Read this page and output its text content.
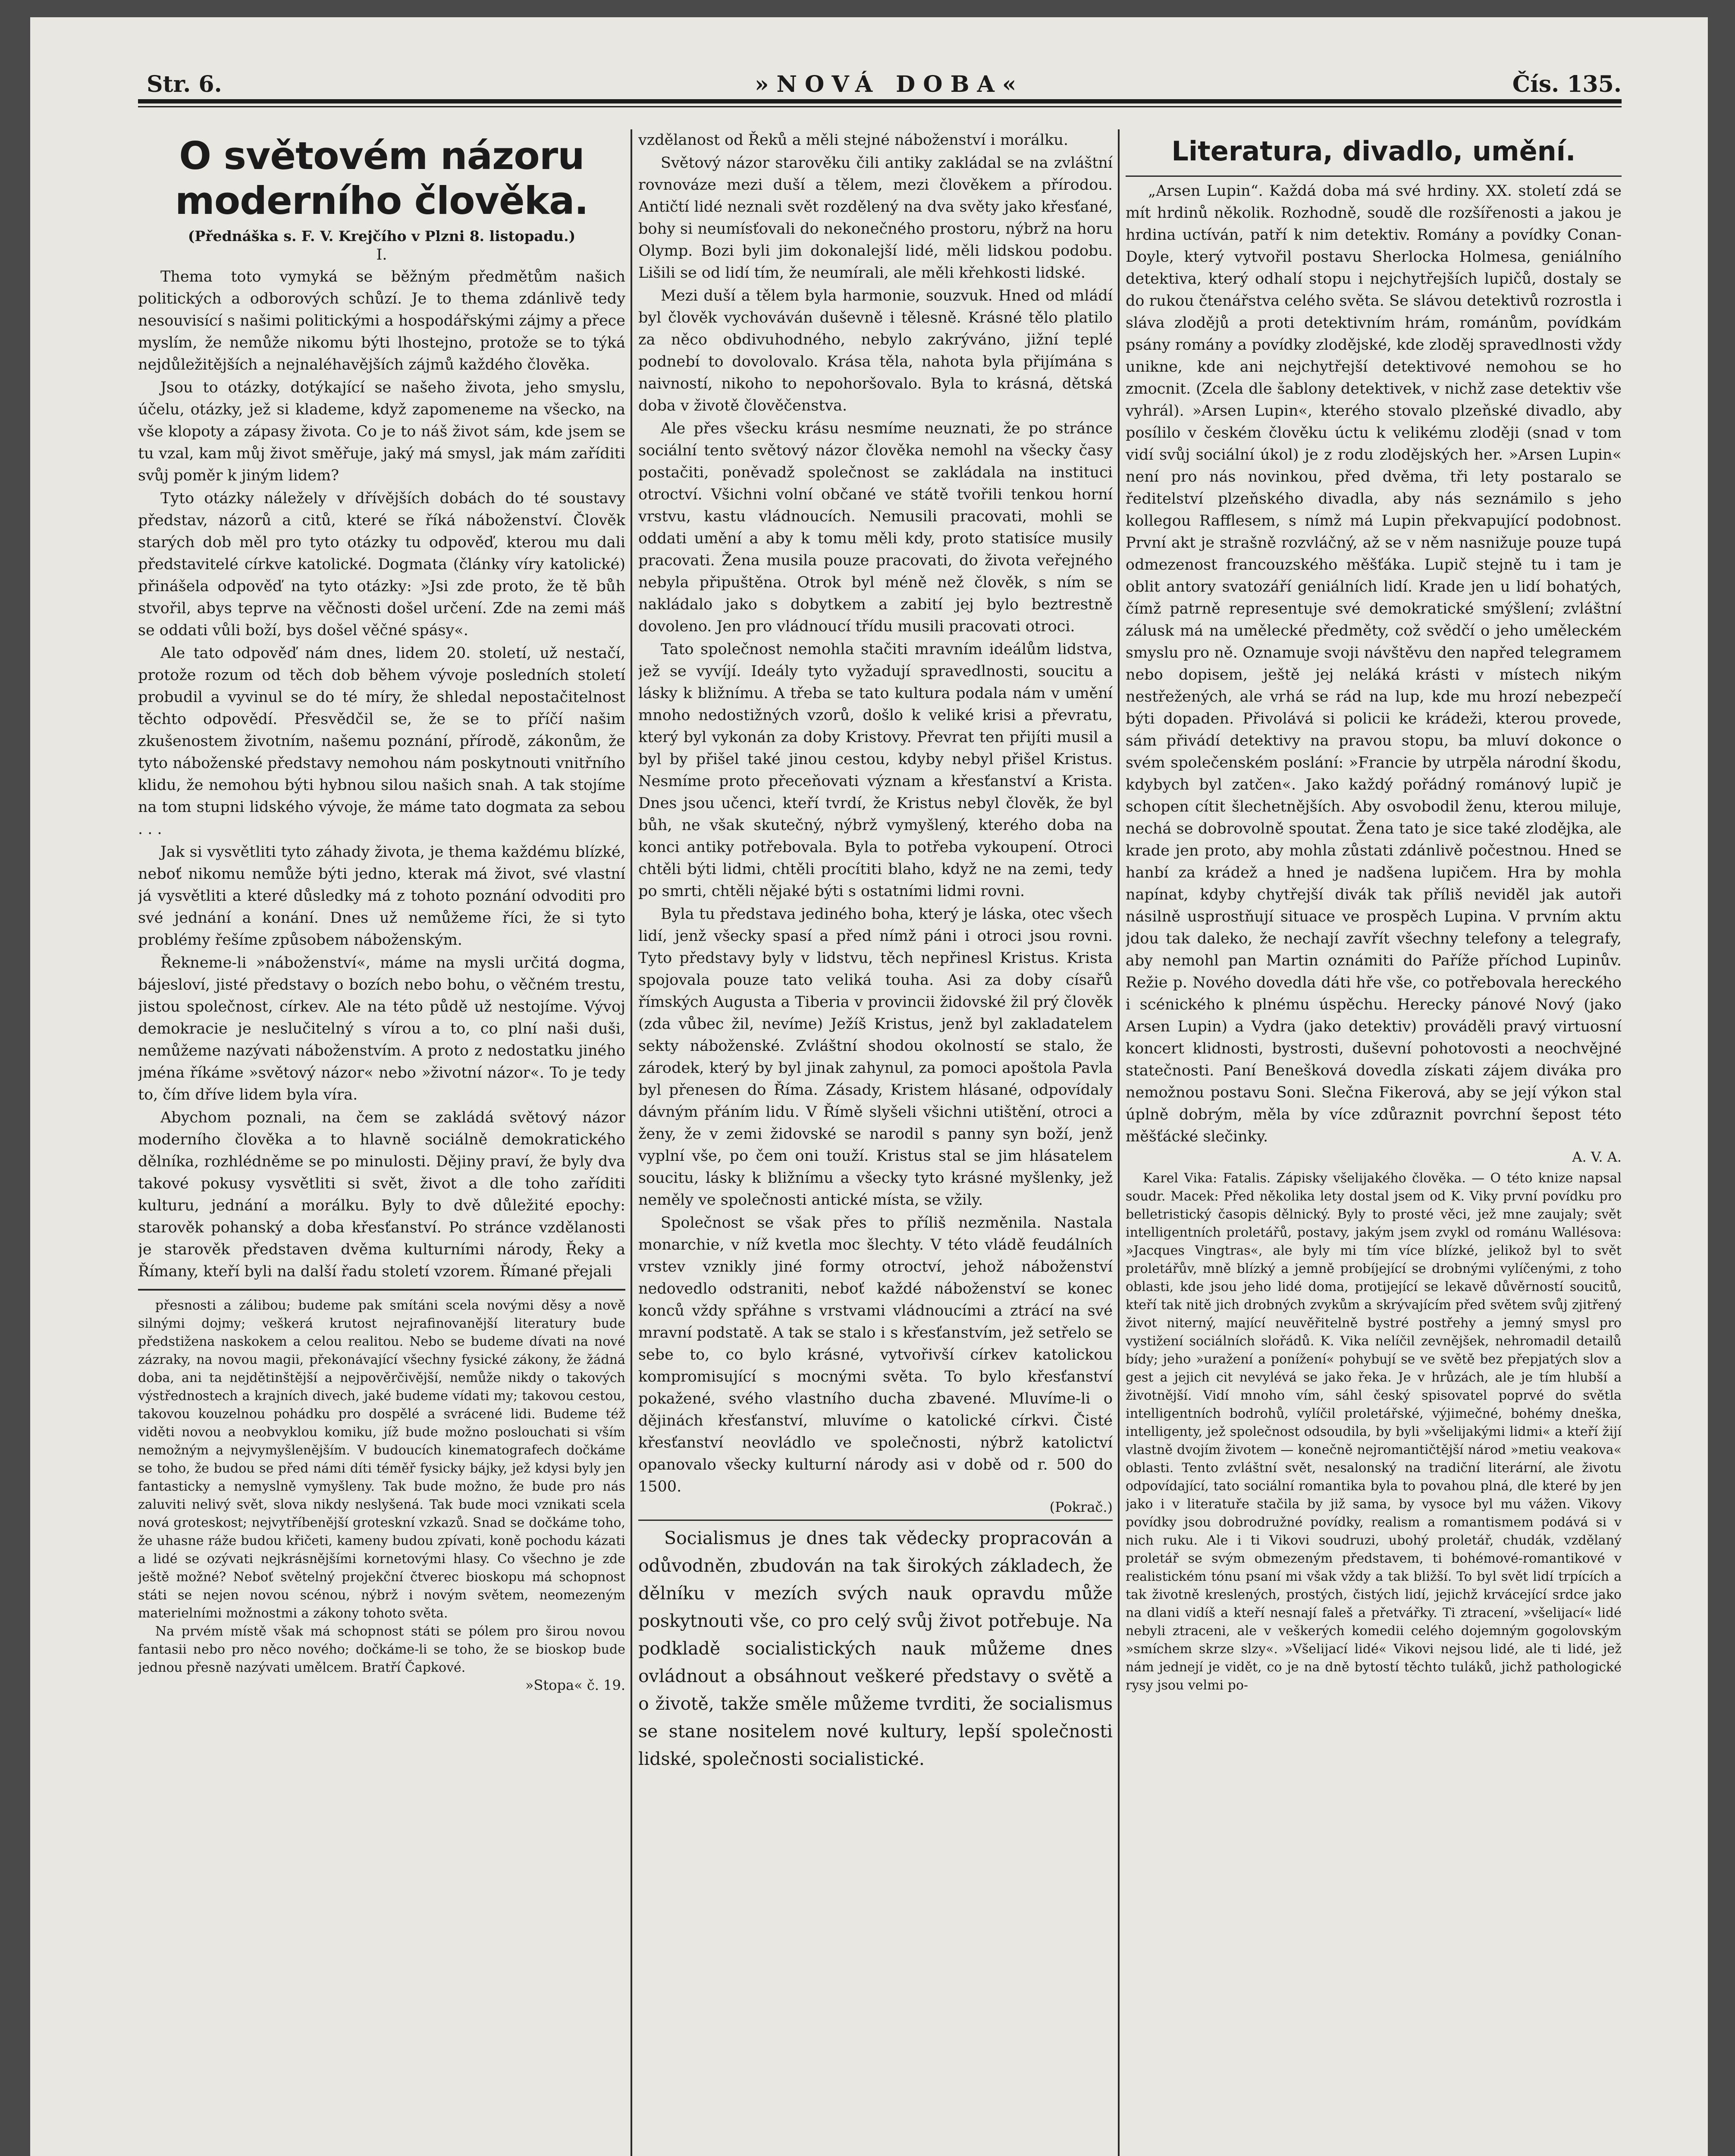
Str. 6.	»NOVÁ DOBA«	Čís. 135.
O světovém názoru moderního člověka.
(Přednáška s. F. V. Krejčího v Plzni 8. listopadu.)
I.

Thema toto vymyká se běžným předmětům našich politických a odborových schůzí. Je to thema zdánlivě tedy nesouvisící s našimi politickými a hospodářskými zájmy a přece myslím, že nemůže nikomu býti lhostejno, protože se to týká nejdůležitějších a nejnaléhavějších zájmů každého člověka.

Jsou to otázky, dotýkající se našeho života, jeho smyslu, účelu, otázky, jež si klademe, když zapomeneme na všecko, na vše klopoty a zápasy života. Co je to náš život sám, kde jsem se tu vzal, kam můj život směřuje, jaký má smysl, jak mám zaříditi svůj poměr k jiným lidem?

Tyto otázky náležely v dřívějších dobách do té soustavy představ, názorů a citů, které se říká náboženství. Člověk starých dob měl pro tyto otázky tu odpověď, kterou mu dali představitelé církve katolické. Dogmata (články víry katolické) přinášela odpověď na tyto otázky: »Jsi zde proto, že tě bůh stvořil, abys teprve na věčnosti došel určení. Zde na zemi máš se oddati vůli boží, bys došel věčné spásy«.

Ale tato odpověď nám dnes, lidem 20. století, už nestačí, protože rozum od těch dob během vývoje posledních století probudil a vyvinul se do té míry, že shledal nepostačitelnost těchto odpovědí. Přesvědčil se, že se to příčí našim zkušenostem životním, našemu poznání, přírodě, zákonům, že tyto náboženské představy nemohou nám poskytnouti vnitřního klidu, že nemohou býti hybnou silou našich snah. A tak stojíme na tom stupni lidského vývoje, že máme tato dogmata za sebou . . .

Jak si vysvětliti tyto záhady života, je thema každému blízké, neboť nikomu nemůže býti jedno, kterak má život, své vlastní já vysvětliti a které důsledky má z tohoto poznání odvoditi pro své jednání a konání. Dnes už nemůžeme říci, že si tyto problémy řešíme způsobem náboženským.

Řekneme-li »náboženství«, máme na mysli určitá dogma, bájesloví, jisté představy o bozích nebo bohu, o věčném trestu, jistou společnost, církev. Ale na této půdě už nestojíme. Vývoj demokracie je neslučitelný s vírou a to, co plní naši duši, nemůžeme nazývati náboženstvím. A proto z nedostatku jiného jména říkáme »světový názor« nebo »životní názor«. To je tedy to, čím dříve lidem byla víra.

Abychom poznali, na čem se zakládá světový názor moderního člověka a to hlavně sociálně demokratického dělníka, rozhlédněme se po minulosti. Dějiny praví, že byly dva takové pokusy vysvětliti si svět, život a dle toho zaříditi kulturu, jednání a morálku. Byly to dvě důležité epochy: starověk pohanský a doba křesťanství. Po stránce vzdělanosti je starověk představen dvěma kulturními národy, Řeky a Římany, kteří byli na další řadu století vzorem. Římané přejali

přesnosti a zálibou; budeme pak smítáni scela novými děsy a nově silnými dojmy; veškerá krutost nejrafinovanější literatury bude předstižena naskokem a celou realitou. Nebo se budeme dívati na nové zázraky, na novou magii, překonávající všechny fysické zákony, že žádná doba, ani ta nejdětinštější a nejpověrčivější, nemůže nikdy o takových výstřednostech a krajních divech, jaké budeme vídati my; takovou cestou, takovou kouzelnou pohádku pro dospělé a svrácené lidi. Budeme též viděti novou a neobvyklou komiku, jíž bude možno poslouchati si vším nemožným a nejvymyšlenějším. V budoucích kinematografech dočkáme se toho, že budou se před námi díti téměř fysicky bájky, jež kdysi byly jen fantasticky a nemyslně vymyšleny. Tak bude možno, že bude pro nás zaluviti nelivý svět, slova nikdy neslyšená. Tak bude moci vznikati scela nová groteskost; nejvytříbenější groteskní vzkazů. Snad se dočkáme toho, že uhasne ráže budou křičeti, kameny budou zpívati, koně pochodu kázati a lidé se ozývati nejkrásnějšími kornetovými hlasy. Co všechno je zde ještě možné? Neboť světelný projekční čtverec bioskopu má schopnost státi se nejen novou scénou, nýbrž i novým světem, neomezeným materielními možnostmi a zákony tohoto světa.

Na prvém místě však má schopnost státi se pólem pro širou novou fantasii nebo pro něco nového; dočkáme-li se toho, že se bioskop bude jednou přesně nazývati umělcem. Bratří Čapkové.

»Stopa« č. 19.

vzdělanost od Řeků a měli stejné náboženství i morálku.

Světový názor starověku čili antiky zakládal se na zvláštní rovnováze mezi duší a tělem, mezi člověkem a přírodou. Antičtí lidé neznali svět rozdělený na dva světy jako křesťané, bohy si neumísťovali do nekonečného prostoru, nýbrž na horu Olymp. Bozi byli jim dokonalejší lidé, měli lidskou podobu. Lišili se od lidí tím, že neumírali, ale měli křehkosti lidské.

Mezi duší a tělem byla harmonie, souzvuk. Hned od mládí byl člověk vychováván duševně i tělesně. Krásné tělo platilo za něco obdivuhodného, nebylo zakrýváno, jižní teplé podnebí to dovolovalo. Krása těla, nahota byla přijímána s naivností, nikoho to nepohoršovalo. Byla to krásná, dětská doba v životě člověčenstva.

Ale přes všecku krásu nesmíme neuznati, že po stránce sociální tento světový názor člověka nemohl na všecky časy postačiti, poněvadž společnost se zakládala na instituci otroctví. Všichni volní občané ve státě tvořili tenkou horní vrstvu, kastu vládnoucích. Nemusili pracovati, mohli se oddati umění a aby k tomu měli kdy, proto statisíce musily pracovati. Žena musila pouze pracovati, do života veřejného nebyla připuštěna. Otrok byl méně než člověk, s ním se nakládalo jako s dobytkem a zabití jej bylo beztrestně dovoleno. Jen pro vládnoucí třídu musili pracovati otroci.

Tato společnost nemohla stačiti mravním ideálům lidstva, jež se vyvíjí. Ideály tyto vyžadují spravedlnosti, soucitu a lásky k bližnímu. A třeba se tato kultura podala nám v umění mnoho nedostižných vzorů, došlo k veliké krisi a převratu, který byl vykonán za doby Kristovy. Převrat ten přijíti musil a byl by přišel také jinou cestou, kdyby nebyl přišel Kristus. Nesmíme proto přeceňovati význam a křesťanství a Krista. Dnes jsou učenci, kteří tvrdí, že Kristus nebyl člověk, že byl bůh, ne však skutečný, nýbrž vymyšlený, kterého doba na konci antiky potřebovala. Byla to potřeba vykoupení. Otroci chtěli býti lidmi, chtěli procítiti blaho, když ne na zemi, tedy po smrti, chtěli nějaké býti s ostatními lidmi rovni.

Byla tu představa jediného boha, který je láska, otec všech lidí, jenž všecky spasí a před nímž páni i otroci jsou rovni. Tyto představy byly v lidstvu, těch nepřinesl Kristus. Krista spojovala pouze tato veliká touha. Asi za doby císařů římských Augusta a Tiberia v provincii židovské žil prý člověk (zda vůbec žil, nevíme) Ježíš Kristus, jenž byl zakladatelem sekty náboženské. Zvláštní shodou okolností se stalo, že zárodek, který by byl jinak zahynul, za pomoci apoštola Pavla byl přenesen do Říma. Zásady, Kristem hlásané, odpovídaly dávným přáním lidu. V Římě slyšeli všichni utištění, otroci a ženy, že v zemi židovské se narodil s panny syn boží, jenž vyplní vše, po čem oni touží. Kristus stal se jim hlásatelem soucitu, lásky k bližnímu a všecky tyto krásné myšlenky, jež neměly ve společnosti antické místa, se vžily.

Společnost se však přes to příliš nezměnila. Nastala monarchie, v níž kvetla moc šlechty. V této vládě feudálních vrstev vznikly jiné formy otroctví, jehož náboženství nedovedlo odstraniti, neboť každé náboženství se konec konců vždy spřáhne s vrstvami vládnoucími a ztrácí na své mravní podstatě. A tak se stalo i s křesťanstvím, jež setřelo se sebe to, co bylo krásné, vytvořivší církev katolickou kompromisující s mocnými světa. To bylo křesťanství pokažené, svého vlastního ducha zbavené. Mluvíme-li o dějinách křesťanství, mluvíme o katolické církvi. Čisté křesťanství neovládlo ve společnosti, nýbrž katolictví opanovalo všecky kulturní národy asi v době od r. 500 do 1500.

(Pokrač.)

Socialismus je dnes tak vědecky propracován a odůvodněn, zbudován na tak širokých základech, že dělníku v mezích svých nauk opravdu může poskytnouti vše, co pro celý svůj život potřebuje. Na podkladě socialistických nauk můžeme dnes ovládnout a obsáhnout veškeré představy o světě a o životě, takže směle můžeme tvrditi, že socialismus se stane nositelem nové kultury, lepší společnosti lidské, společnosti socialistické.

Literatura, divadlo, umění.

„Arsen Lupin“. Každá doba má své hrdiny. XX. století zdá se mít hrdinů několik. Rozhodně, soudě dle rozšířenosti a jakou je hrdina uctíván, patří k nim detektiv. Romány a povídky Conan-Doyle, který vytvořil postavu Sherlocka Holmesa, geniálního detektiva, který odhalí stopu i nejchytřejších lupičů, dostaly se do rukou čtenářstva celého světa. Se slávou detektivů rozrostla i sláva zlodějů a proti detektivním hrám, románům, povídkám psány romány a povídky zlodějské, kde zloděj spravedlnosti vždy unikne, kde ani nejchytřejší detektivové nemohou se ho zmocnit. (Zcela dle šablony detektivek, v nichž zase detektiv vše vyhrál). »Arsen Lupin«, kterého stovalo plzeňské divadlo, aby posílilo v českém člověku úctu k velikému zloději (snad v tom vidí svůj sociální úkol) je z rodu zlodějských her. »Arsen Lupin« není pro nás novinkou, před dvěma, tři lety postaralo se ředitelství plzeňského divadla, aby nás seznámilo s jeho kollegou Rafflesem, s nímž má Lupin překvapující podobnost. První akt je strašně rozvláčný, až se v něm nasnižuje pouze tupá odmezenost francouzského měšťáka. Lupič stejně tu i tam je oblit antory svatozáří geniálních lidí. Krade jen u lidí bohatých, čímž patrně representuje své demokratické smýšlení; zvláštní zálusk má na umělecké předměty, což svědčí o jeho uměleckém smyslu pro ně. Oznamuje svoji návštěvu den napřed telegramem nebo dopisem, ještě jej neláká krásti v místech nikým nestřežených, ale vrhá se rád na lup, kde mu hrozí nebezpečí býti dopaden. Přivolává si policii ke krádeži, kterou provede, sám přivádí detektivy na pravou stopu, ba mluví dokonce o svém společenském poslání: »Francie by utrpěla národní škodu, kdybych byl zatčen«. Jako každý pořádný románový lupič je schopen cítit šlechetnějších. Aby osvobodil ženu, kterou miluje, nechá se dobrovolně spoutat. Žena tato je sice také zlodějka, ale krade jen proto, aby mohla zůstati zdánlivě počestnou. Hned se hanbí za krádež a hned je nadšena lupičem. Hra by mohla napínat, kdyby chytřejší divák tak příliš neviděl jak autoři násilně usprostňují situace ve prospěch Lupina. V prvním aktu jdou tak daleko, že nechají zavřít všechny telefony a telegrafy, aby nemohl pan Martin oznámiti do Paříže příchod Lupinův. Režie p. Nového dovedla dáti hře vše, co potřebovala hereckého i scénického k plnému úspěchu. Herecky pánové Nový (jako Arsen Lupin) a Vydra (jako detektiv) prováděli pravý virtuosní koncert klidnosti, bystrosti, duševní pohotovosti a neochvějné statečnosti. Paní Benešková dovedla získati zájem diváka pro nemožnou postavu Soni. Slečna Fikerová, aby se její výkon stal úplně dobrým, měla by více zdůraznit povrchní šepost této měšťácké slečinky.

A. V. A.

Karel Vika: Fatalis. Zápisky všelijakého člověka. — O této knize napsal soudr. Macek: Před několika lety dostal jsem od K. Viky první povídku pro belletristický časopis dělnický. Byly to prosté věci, jež mne zaujaly; svět intelligentních proletářů, postavy, jakým jsem zvykl od románu Wallésova: »Jacques Vingtras«, ale byly mi tím více blízké, jelikož byl to svět proletářův, mně blízký a jemně probíjející se drobnými vylíčenými, z toho oblasti, kde jsou jeho lidé doma, protijející se lekavě důvěrností soucitů, kteří tak nitě jich drobných zvykům a skrývajícím před světem svůj zjitřený život niterný, mající neuvěřitelně bystré postřehy a jemný smysl pro vystižení sociálních slořádů. K. Vika nelíčil zevnějšek, nehromadil detailů bídy; jeho »uražení a ponížení« pohybují se ve světě bez přepjatých slov a gest a jejich cit nevylévá se jako řeka. Je v hrůzách, ale je tím hlubší a životnější. Vidí mnoho vím, sáhl český spisovatel poprvé do světla intelligentních bodrohů, vylíčil proletářské, výjimečné, bohémy dneška, intelligenty, jež společnost odsoudila, by byli »všelijakými lidmi« a kteří žijí vlastně dvojím životem — konečně nejromantičtější národ »metiu veakova« oblasti. Tento zvláštní svět, nesalonský na tradiční literární, ale životu odpovídající, tato sociální romantika byla to povahou plná, dle které by jen jako i v literatuře stačila by již sama, by vysoce byl mu vážen. Vikovy povídky jsou dobrodružné povídky, realism a romantismem podává si v nich ruku. Ale i ti Vikovi soudruzi, ubohý proletář, chudák, vzdělaný proletář se svým obmezeným představem, ti bohémové-romantikové v realistickém tónu psaní mi však vždy a tak bližší. To byl svět lidí trpících a tak životně kreslených, prostých, čistých lidí, jejichž krvácející srdce jako na dlani vidíš a kteří nesnají faleš a přetvářky. Ti ztracení, »všelijací« lidé nebyli ztraceni, ale v veškerých komedii celého dojemným gogolovským »smíchem skrze slzy«. »Všelijací lidé« Vikovi nejsou lidé, ale ti lidé, jež nám jednejí je vidět, co je na dně bytostí těchto tuláků, jichž pathologické rysy jsou velmi po-
